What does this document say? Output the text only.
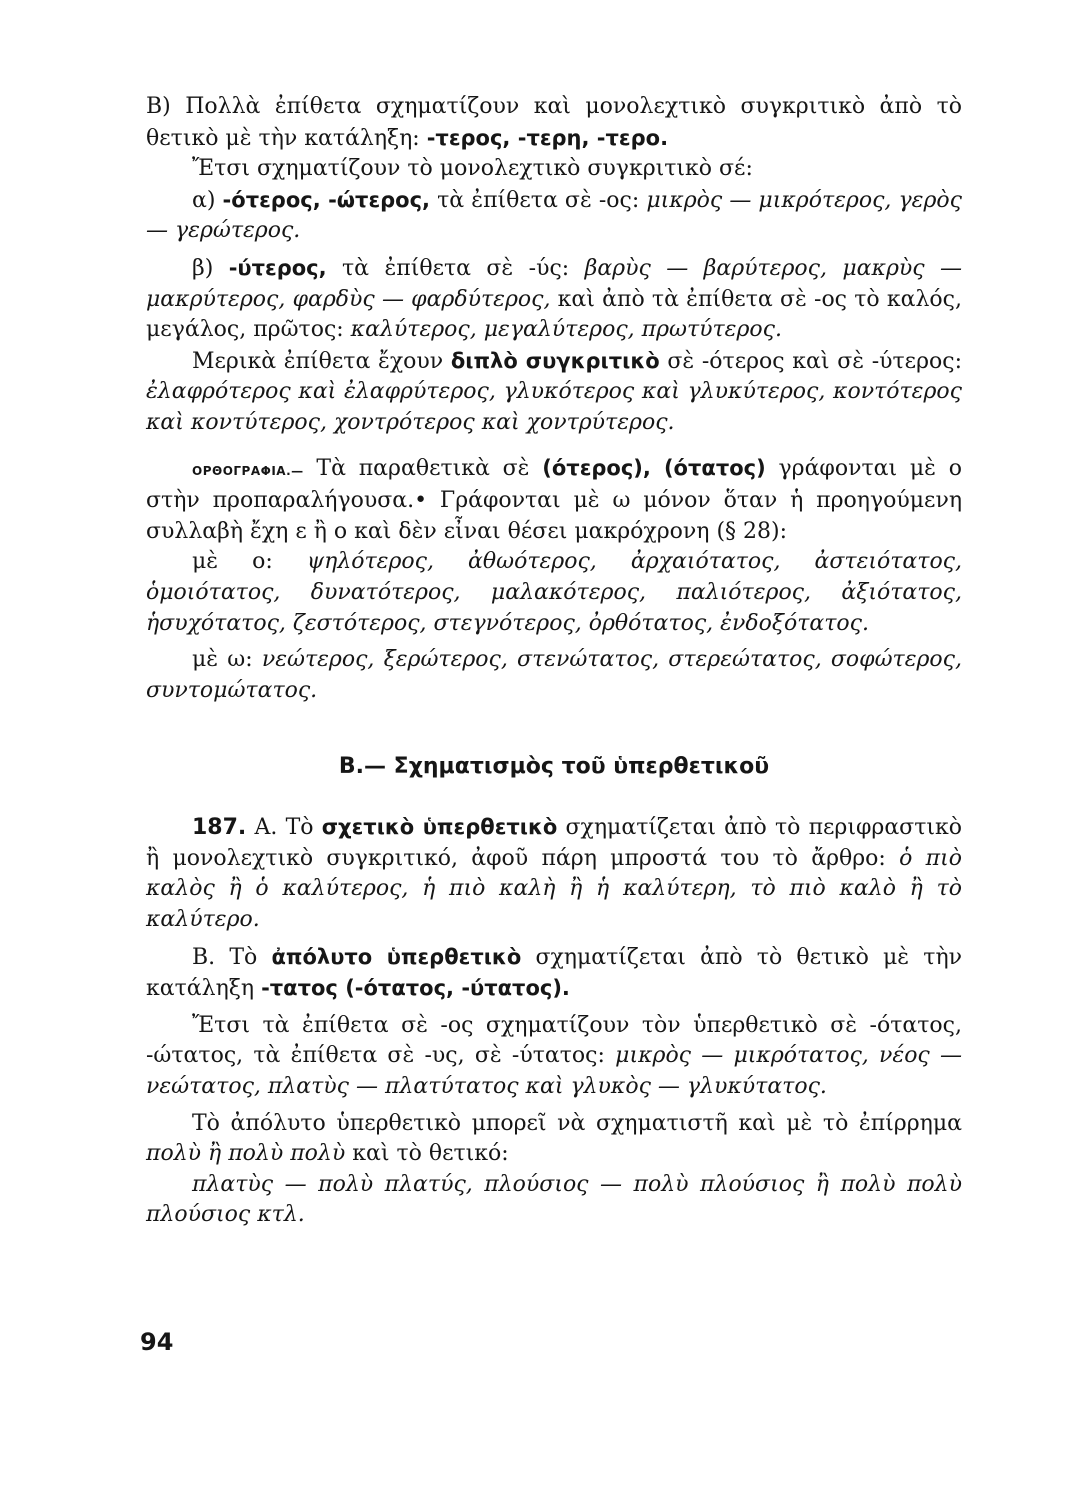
Β) Πολλὰ ἐπίθετα σχηματίζουν καὶ μονολεχτικὸ συγκριτικὸ ἀπὸ τὸ θετικὸ μὲ τὴν κατάληξη: -τερος, -τερη, -τερο.

Ἔτσι σχηματίζουν τὸ μονολεχτικὸ συγκριτικὸ σέ:

α) -ότερος, -ώτερος, τὰ ἐπίθετα σὲ -ος: μικρὸς — μικρότερος, γερὸς — γερώτερος.

β) -ύτερος, τὰ ἐπίθετα σὲ -ύς: βαρὺς — βαρύτερος, μακρὺς — μακρύτερος, φαρδὺς — φαρδύτερος, καὶ ἀπὸ τὰ ἐπίθετα σὲ -ος τὸ καλός, μεγάλος, πρῶτος: καλύτερος, μεγαλύτερος, πρωτύτερος.

Μερικὰ ἐπίθετα ἔχουν διπλὸ συγκριτικὸ σὲ -ότερος καὶ σὲ -ύτερος: ἐλαφρότερος καὶ ἐλαφρύτερος, γλυκότερος καὶ γλυκύτερος, κοντότερος καὶ κοντύτερος, χοντρότερος καὶ χοντρύτερος.

ΟΡΘΟΓΡΑΦΙΑ.— Τὰ παραθετικὰ σὲ (ότερος), (ότατος) γράφονται μὲ ο στὴν προπαραλήγουσα.• Γράφονται μὲ ω μόνον ὅταν ἡ προηγούμενη συλλαβὴ ἔχη ε ἢ ο καὶ δὲν εἶναι θέσει μακρόχρονη (§ 28):

μὲ ο: ψηλότερος, ἀθωότερος, ἀρχαιότατος, ἀστειότατος, ὁμοιότατος, δυνατότερος, μαλακότερος, παλιότερος, ἀξιότατος, ἡσυχότατος, ζεστότερος, στεγνότερος, ὀρθότατος, ἐνδοξότατος.

μὲ ω: νεώτερος, ξερώτερος, στενώτατος, στερεώτατος, σοφώτερος, συντομώτατος.

Β.— Σχηματισμὸς τοῦ ὑπερθετικοῦ

187. Α. Τὸ σχετικὸ ὑπερθετικὸ σχηματίζεται ἀπὸ τὸ περιφραστικὸ ἢ μονολεχτικὸ συγκριτικό, ἀφοῦ πάρη μπροστά του τὸ ἄρθρο: ὁ πιὸ καλὸς ἢ ὁ καλύτερος, ἡ πιὸ καλὴ ἢ ἡ καλύτερη, τὸ πιὸ καλὸ ἢ τὸ καλύτερο.

Β. Τὸ ἀπόλυτο ὑπερθετικὸ σχηματίζεται ἀπὸ τὸ θετικὸ μὲ τὴν κατάληξη -τατος (-ότατος, -ύτατος).

Ἔτσι τὰ ἐπίθετα σὲ -ος σχηματίζουν τὸν ὑπερθετικὸ σὲ -ότατος, -ώτατος, τὰ ἐπίθετα σὲ -υς, σὲ -ύτατος: μικρὸς — μικρότατος, νέος — νεώτατος, πλατὺς — πλατύτατος καὶ γλυκὸς — γλυκύτατος.

Τὸ ἀπόλυτο ὑπερθετικὸ μπορεῖ νὰ σχηματιστῆ καὶ μὲ τὸ ἐπίρρημα πολὺ ἢ πολὺ πολὺ καὶ τὸ θετικό:

πλατὺς — πολὺ πλατύς, πλούσιος — πολὺ πλούσιος ἢ πολὺ πολὺ πλούσιος κτλ.

94
